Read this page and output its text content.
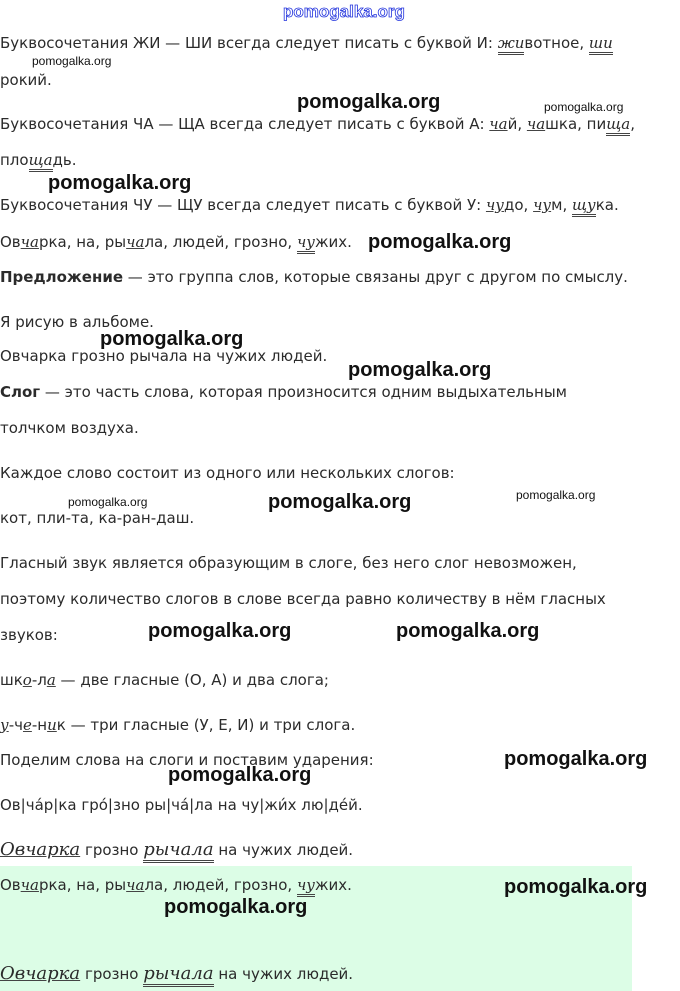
pomogalka.org
Буквосочетания ЖИ — ШИ всегда следует писать с буквой И: животное, ши
роκий.
Буквосочетания ЧА — ЩА всегда следует писать с буквой А: чай, чашка, пища,
площадь.
Буквосочетания ЧУ — ЩУ всегда следует писать с буквой У: чудо, чум, щука.
Овчарка, на, рычала, людей, грозно, чужих.
Предложение — это группа слов, которые связаны друг с другом по смыслу.
Я рисую в альбоме.
Овчарка грозно рычала на чужих людей.
Слог — это часть слова, которая произносится одним выдыхательным
толчком воздуха.
Каждое слово состоит из одного или нескольких слогов:
кот, пли-та, ка-ран-даш.
Гласный звук является образующим в слоге, без него слог невозможен,
поэтому количество слогов в слове всегда равно количеству в нём гласных
звуков:
шко-ла — две гласные (О, А) и два слога;
у-че-ник — три гласные (У, Е, И) и три слога.
Поделим слова на слоги и поставим ударения:
Ов|ча́р|ка гро́|зно ры|ча́|ла на чу|жи́х лю|де́й.
Овчарка грозно рычала на чужих людей.
Овчарка, на, рычала, людей, грозно, чужих.
Овчарка грозно рычала на чужих людей.
pomogalka.org
pomogalka.org	pomogalka.org
pomogalka.org
pomogalka.org
pomogalka.org
pomogalka.org
pomogalka.org	pomogalka.org	pomogalka.org
pomogalka.org	pomogalka.org
pomogalka.org
pomogalka.org
pomogalka.org
pomogalka.org
